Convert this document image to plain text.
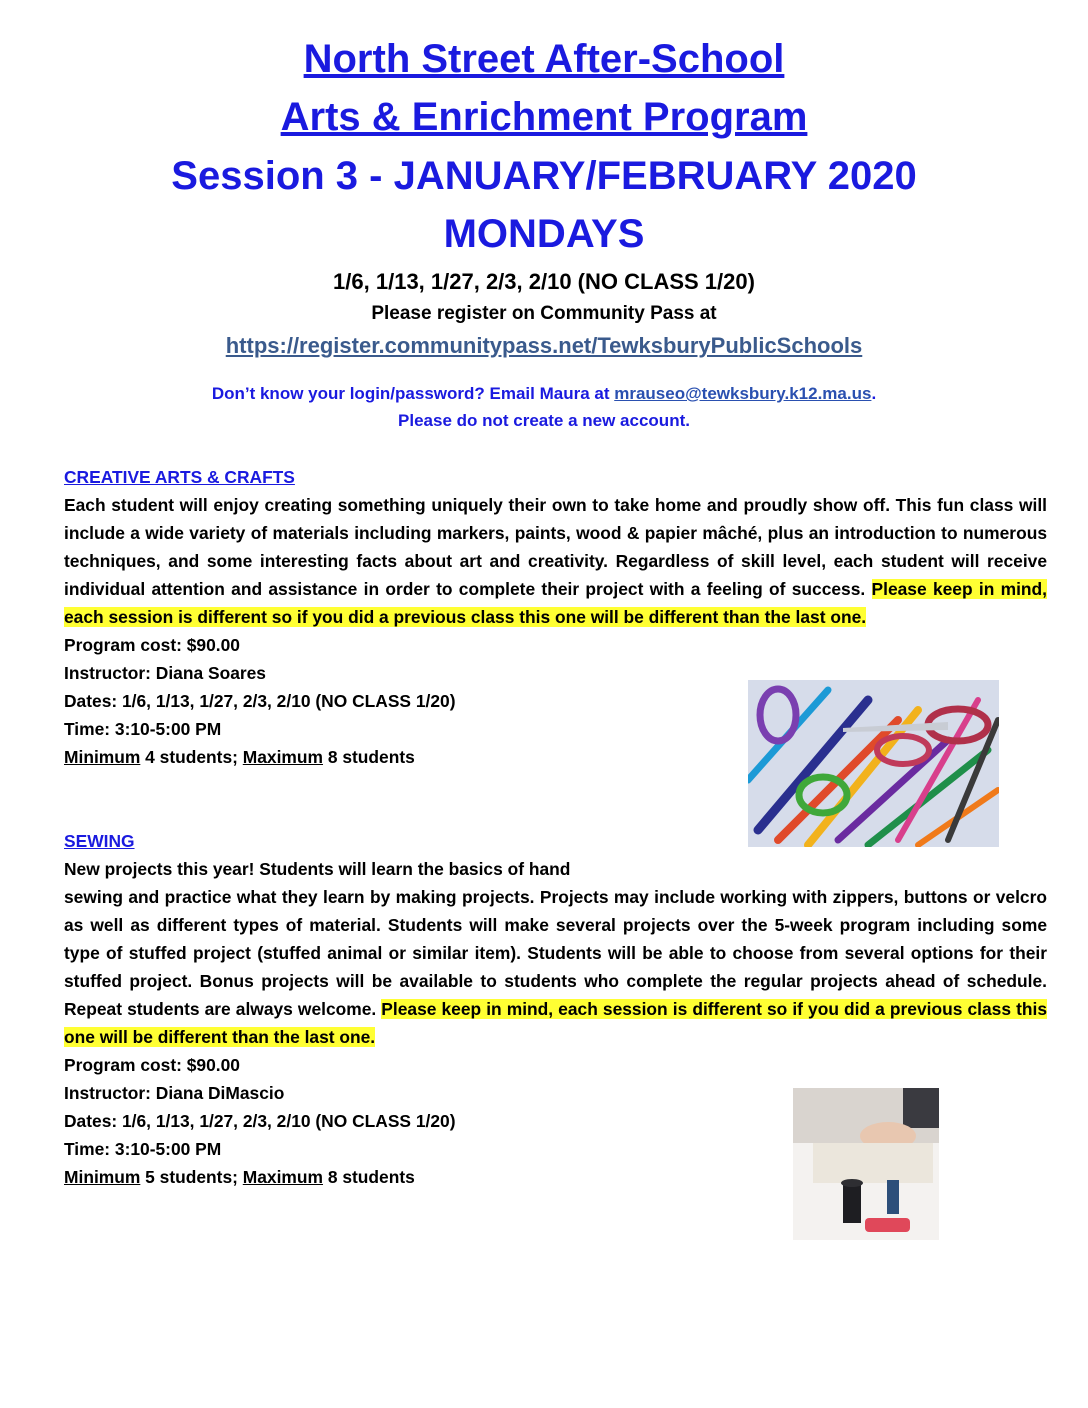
North Street After-School
Arts & Enrichment Program
Session 3 - JANUARY/FEBRUARY 2020
MONDAYS
1/6, 1/13, 1/27, 2/3, 2/10 (NO CLASS 1/20)
Please register on Community Pass at
https://register.communitypass.net/TewksburyPublicSchools
Don’t know your login/password? Email Maura at mrauseo@tewksbury.k12.ma.us.
Please do not create a new account.
CREATIVE ARTS & CRAFTS
Each student will enjoy creating something uniquely their own to take home and proudly show off. This fun class will include a wide variety of materials including markers, paints, wood & papier mâché, plus an introduction to numerous techniques, and some interesting facts about art and creativity. Regardless of skill level, each student will receive individual attention and assistance in order to complete their project with a feeling of success. Please keep in mind, each session is different so if you did a previous class this one will be different than the last one.
Program cost: $90.00
Instructor: Diana Soares
Dates: 1/6, 1/13, 1/27, 2/3, 2/10 (NO CLASS 1/20)
Time: 3:10-5:00 PM
Minimum 4 students; Maximum 8 students
SEWING
New projects this year! Students will learn the basics of hand
sewing and practice what they learn by making projects. Projects may include working with zippers, buttons or velcro as well as different types of material. Students will make several projects over the 5-week program including some type of stuffed project (stuffed animal or similar item). Students will be able to choose from several options for their stuffed project. Bonus projects will be available to students who complete the regular projects ahead of schedule. Repeat students are always welcome. Please keep in mind, each session is different so if you did a previous class this one will be different than the last one.
Program cost: $90.00
Instructor: Diana DiMascio
Dates: 1/6, 1/13, 1/27, 2/3, 2/10 (NO CLASS 1/20)
Time: 3:10-5:00 PM
Minimum 5 students; Maximum 8 students
